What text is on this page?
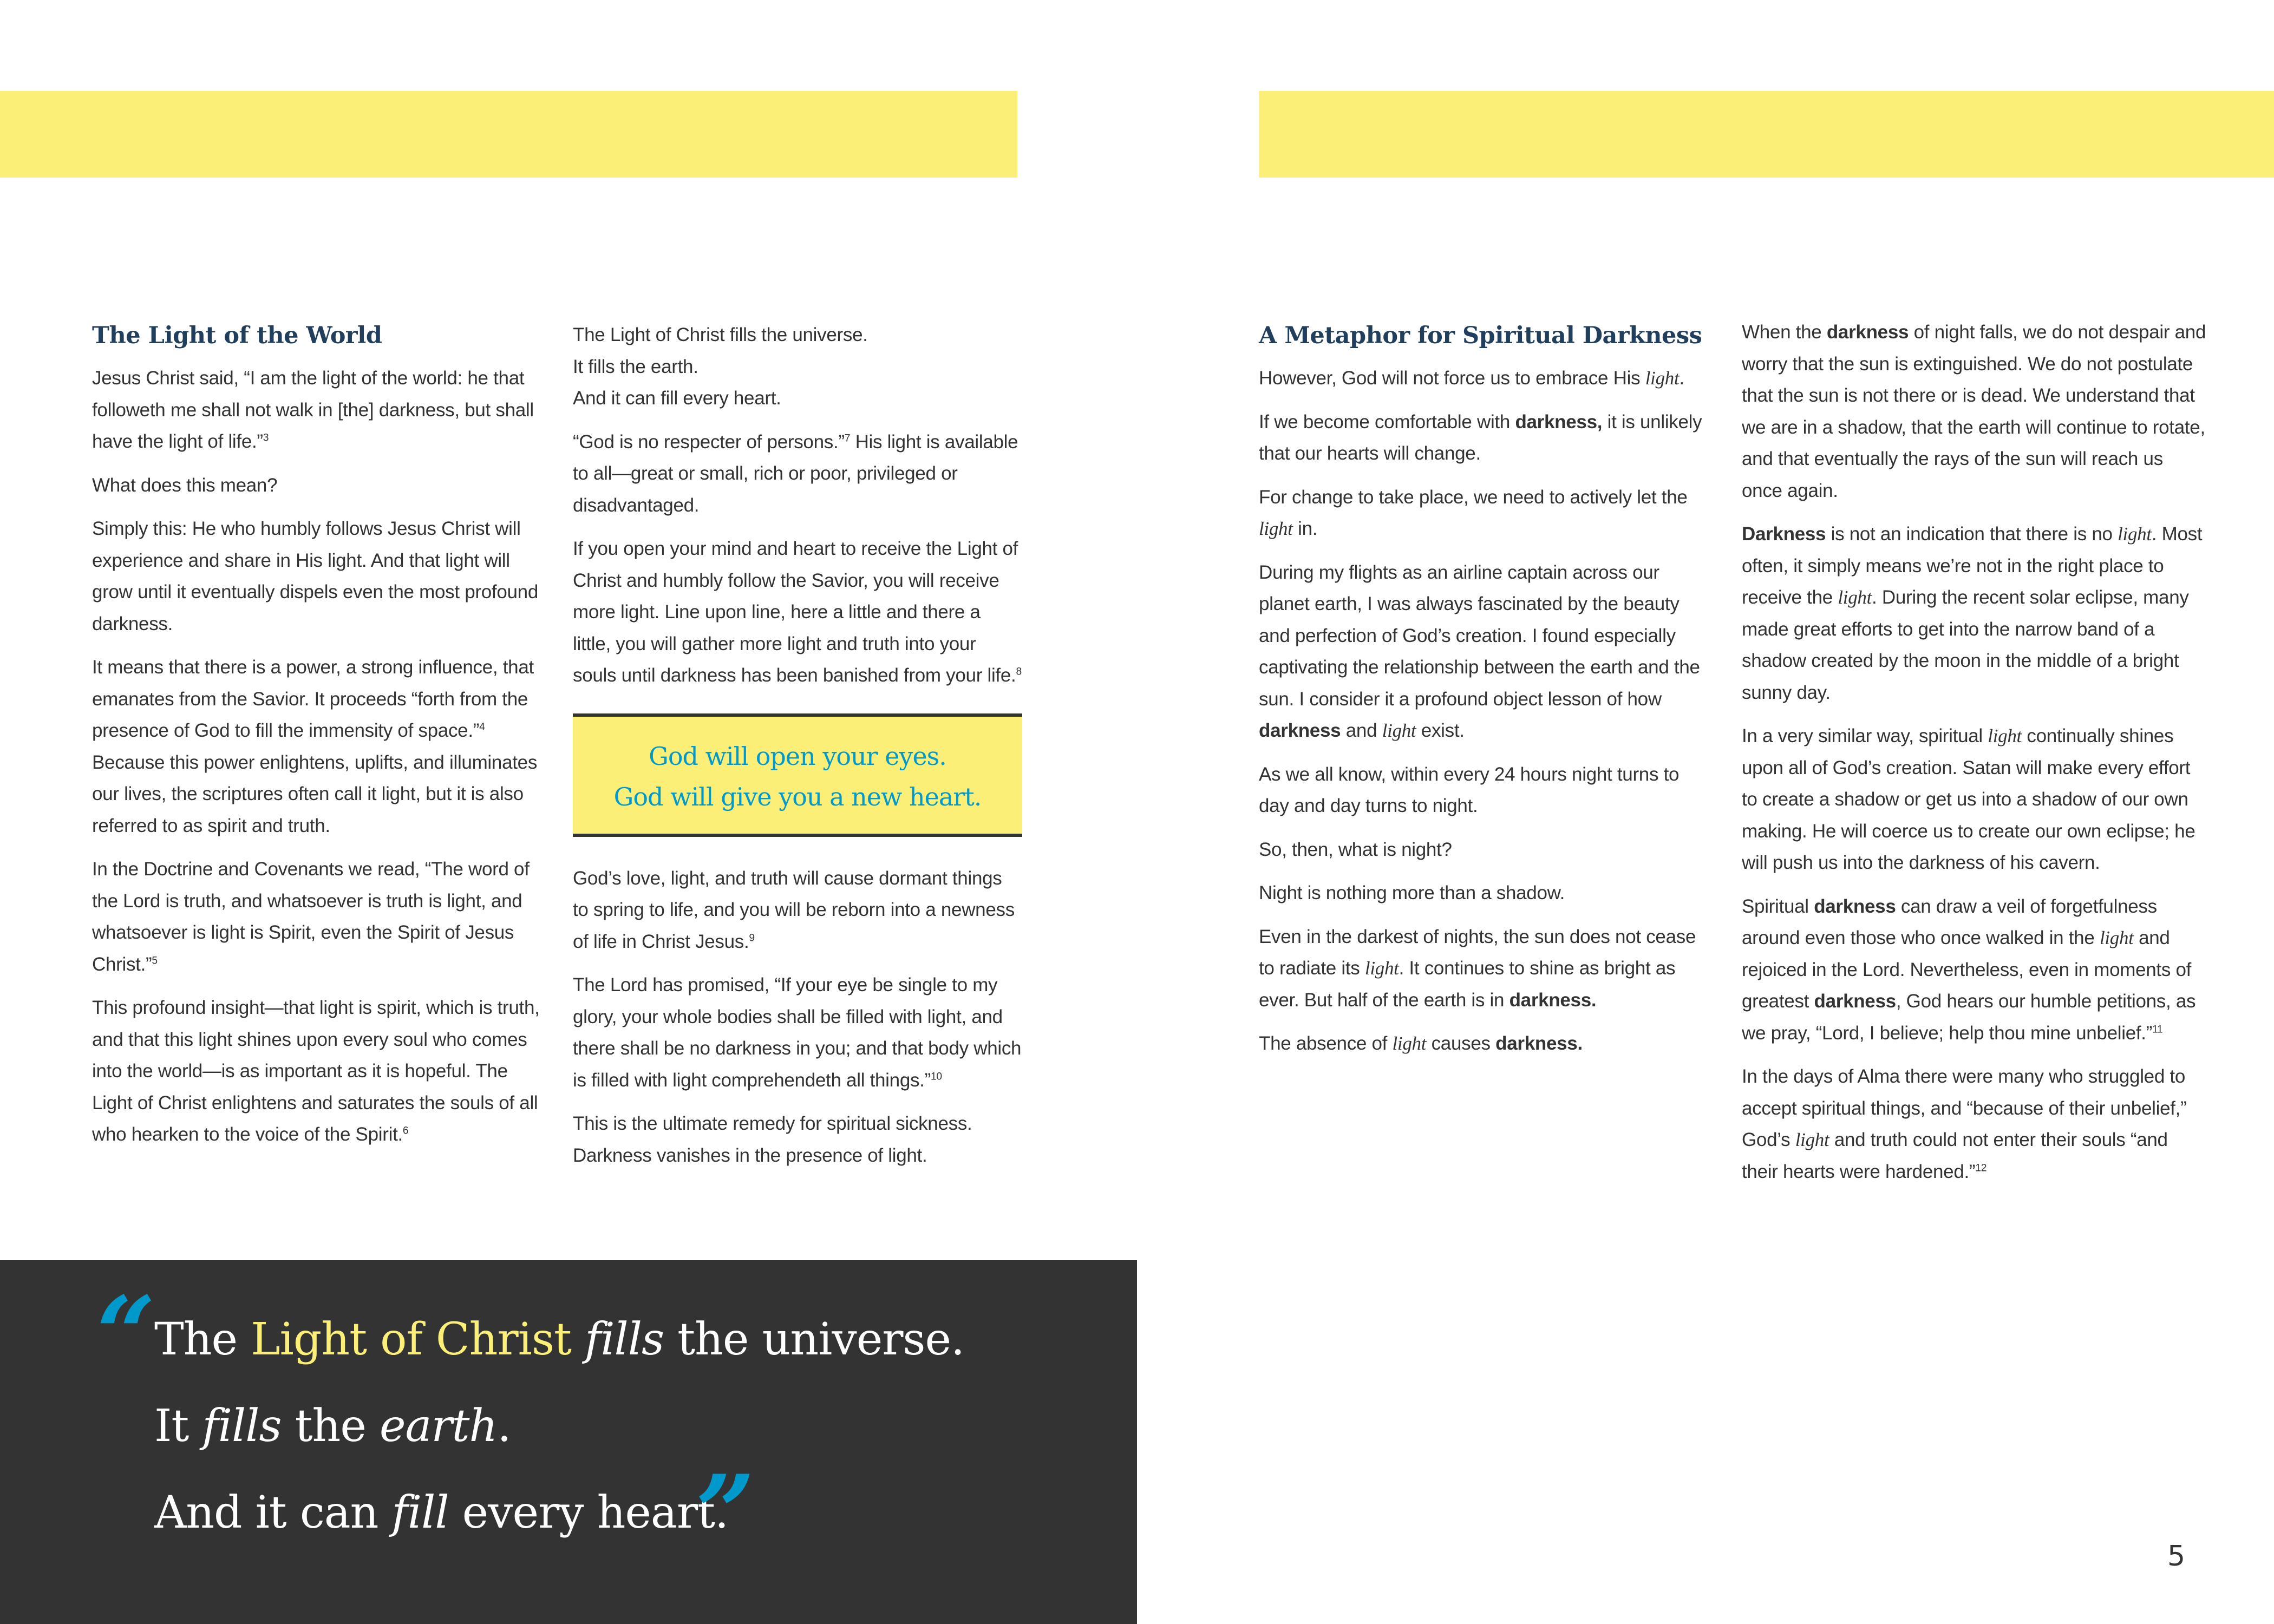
The Light of the World

Jesus Christ said, “I am the light of the world: he that followeth me shall not walk in [the] darkness, but shall have the light of life.”$^3$

What does this mean?

Simply this: He who humbly follows Jesus Christ will experience and share in His light. And that light will grow until it eventually dispels even the most profound darkness.

It means that there is a power, a strong influence, that emanates from the Savior. It proceeds “forth from the presence of God to fill the immensity of space.”$^4$ Because this power enlightens, uplifts, and illuminates our lives, the scriptures often call it light, but it is also referred to as spirit and truth.

In the Doctrine and Covenants we read, “The word of the Lord is truth, and whatsoever is truth is light, and whatsoever is light is Spirit, even the Spirit of Jesus Christ.”$^5$

This profound insight—that light is spirit, which is truth, and that this light shines upon every soul who comes into the world—is as important as it is hopeful. The Light of Christ enlightens and saturates the souls of all who hearken to the voice of the Spirit.$^6$

The Light of Christ fills the universe.

It fills the earth.

And it can fill every heart.

“God is no respecter of persons.”$^7$ His light is available to all—great or small, rich or poor, privileged or disadvantaged.

If you open your mind and heart to receive the Light of Christ and humbly follow the Savior, you will receive more light. Line upon line, here a little and there a little, you will gather more light and truth into your souls until darkness has been banished from your life.$^8$

God will open your eyes.
God will give you a new heart.

God’s love, light, and truth will cause dormant things to spring to life, and you will be reborn into a newness of life in Christ Jesus.$^9$

The Lord has promised, “If your eye be single to my glory, your whole bodies shall be filled with light, and there shall be no darkness in you; and that body which is filled with light comprehendeth all things.”$^{10}$

This is the ultimate remedy for spiritual sickness. Darkness vanishes in the presence of light.

“
The Light of Christ fills the universe.
It fills the earth.
And it can fill every heart.
”
A Metaphor for Spiritual Darkness

However, God will not force us to embrace His light.

If we become comfortable with darkness, it is unlikely that our hearts will change.

For change to take place, we need to actively let the light in.

During my flights as an airline captain across our planet earth, I was always fascinated by the beauty and perfection of God’s creation. I found especially captivating the relationship between the earth and the sun. I consider it a profound object lesson of how darkness and light exist.

As we all know, within every 24 hours night turns to day and day turns to night.

So, then, what is night?

Night is nothing more than a shadow.

Even in the darkest of nights, the sun does not cease to radiate its light. It continues to shine as bright as ever. But half of the earth is in darkness.

The absence of light causes darkness.

When the darkness of night falls, we do not despair and worry that the sun is extinguished. We do not postulate that the sun is not there or is dead. We understand that we are in a shadow, that the earth will continue to rotate, and that eventually the rays of the sun will reach us once again.

Darkness is not an indication that there is no light. Most often, it simply means we’re not in the right place to receive the light. During the recent solar eclipse, many made great efforts to get into the narrow band of a shadow created by the moon in the middle of a bright sunny day.

In a very similar way, spiritual light continually shines upon all of God’s creation. Satan will make every effort to create a shadow or get us into a shadow of our own making. He will coerce us to create our own eclipse; he will push us into the darkness of his cavern.

Spiritual darkness can draw a veil of forgetfulness around even those who once walked in the light and rejoiced in the Lord. Nevertheless, even in moments of greatest darkness, God hears our humble petitions, as we pray, “Lord, I believe; help thou mine unbelief.”$^{11}$

In the days of Alma there were many who struggled to accept spiritual things, and “because of their unbelief,” God’s light and truth could not enter their souls “and their hearts were hardened.”$^{12}$

5
